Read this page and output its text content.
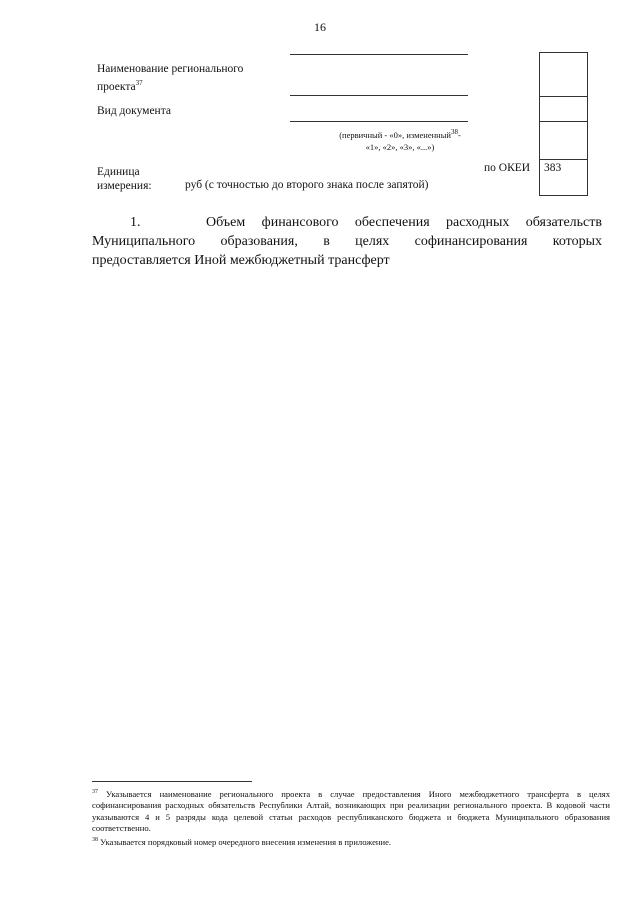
16
Наименование регионального
проекта$^{37}$
Вид документа
(первичный - «0», измененный$^{38}$-
«1», «2», «3», «...»)
383
Единица
измерения:	руб (с точностью до второго знака после запятой)
по ОКЕИ
1.	Объем финансового обеспечения расходных обязательств
Муниципального образования, в целях софинансирования которых
предоставляется Иной межбюджетный трансферт

$^{37}$ Указывается наименование регионального проекта в случае предоставления Иного межбюджетного трансферта в целях софинансирования расходных обязательств Республики Алтай, возникающих при реализации регионального проекта. В кодовой части указываются 4 и 5 разряды кода целевой статьи расходов республиканского бюджета и бюджета Муниципального образования соответственно.

$^{38}$ Указывается порядковый номер очередного внесения изменения в приложение.
